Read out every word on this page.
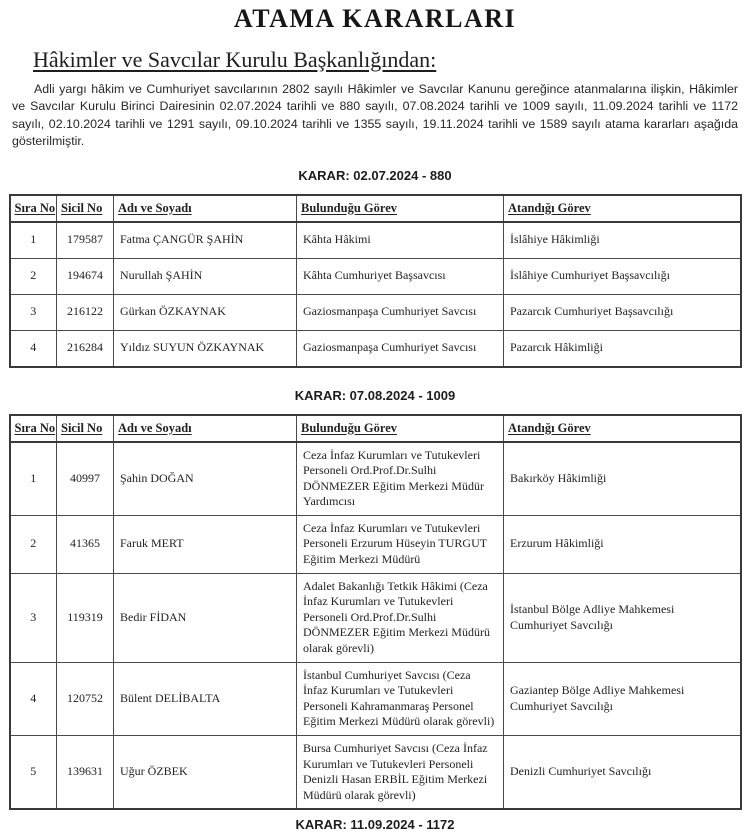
ATAMA KARARLARI
Hâkimler ve Savcılar Kurulu Başkanlığından:

Adli yargı hâkim ve Cumhuriyet savcılarının 2802 sayılı Hâkimler ve Savcılar Kanunu gereğince atanmalarına ilişkin, Hâkimler ve Savcılar Kurulu Birinci Dairesinin 02.07.2024 tarihli ve 880 sayılı, 07.08.2024 tarihli ve 1009 sayılı, 11.09.2024 tarihli ve 1172 sayılı, 02.10.2024 tarihli ve 1291 sayılı, 09.10.2024 tarihli ve 1355 sayılı, 19.11.2024 tarihli ve 1589 sayılı atama kararları aşağıda gösterilmiştir.

KARAR: 02.07.2024 - 880
Sıra No	Sicil No	Adı ve Soyadı	Bulunduğu Görev	Atandığı Görev
1	179587	Fatma ÇANGÜR ŞAHİN	Kâhta Hâkimi	İslâhiye Hâkimliği
2	194674	Nurullah ŞAHİN	Kâhta Cumhuriyet Başsavcısı	İslâhiye Cumhuriyet Başsavcılığı
3	216122	Gürkan ÖZKAYNAK	Gaziosmanpaşa Cumhuriyet Savcısı	Pazarcık Cumhuriyet Başsavcılığı
4	216284	Yıldız SUYUN ÖZKAYNAK	Gaziosmanpaşa Cumhuriyet Savcısı	Pazarcık Hâkimliği
KARAR: 07.08.2024 - 1009
Sıra No	Sicil No	Adı ve Soyadı	Bulunduğu Görev	Atandığı Görev
1	40997	Şahin DOĞAN	Ceza İnfaz Kurumları ve Tutukevleri Personeli Ord.Prof.Dr.Sulhi DÖNMEZER Eğitim Merkezi Müdür Yardımcısı	Bakırköy Hâkimliği
2	41365	Faruk MERT	Ceza İnfaz Kurumları ve Tutukevleri Personeli Erzurum Hüseyin TURGUT Eğitim Merkezi Müdürü	Erzurum Hâkimliği
3	119319	Bedir FİDAN	Adalet Bakanlığı Tetkik Hâkimi (Ceza İnfaz Kurumları ve Tutukevleri Personeli Ord.Prof.Dr.Sulhi DÖNMEZER Eğitim Merkezi Müdürü olarak görevli)	İstanbul Bölge Adliye Mahkemesi Cumhuriyet Savcılığı
4	120752	Bülent DELİBALTA	İstanbul Cumhuriyet Savcısı (Ceza İnfaz Kurumları ve Tutukevleri Personeli Kahramanmaraş Personel Eğitim Merkezi Müdürü olarak görevli)	Gaziantep Bölge Adliye Mahkemesi Cumhuriyet Savcılığı
5	139631	Uğur ÖZBEK	Bursa Cumhuriyet Savcısı (Ceza İnfaz Kurumları ve Tutukevleri Personeli Denizli Hasan ERBİL Eğitim Merkezi Müdürü olarak görevli)	Denizli Cumhuriyet Savcılığı
KARAR: 11.09.2024 - 1172
